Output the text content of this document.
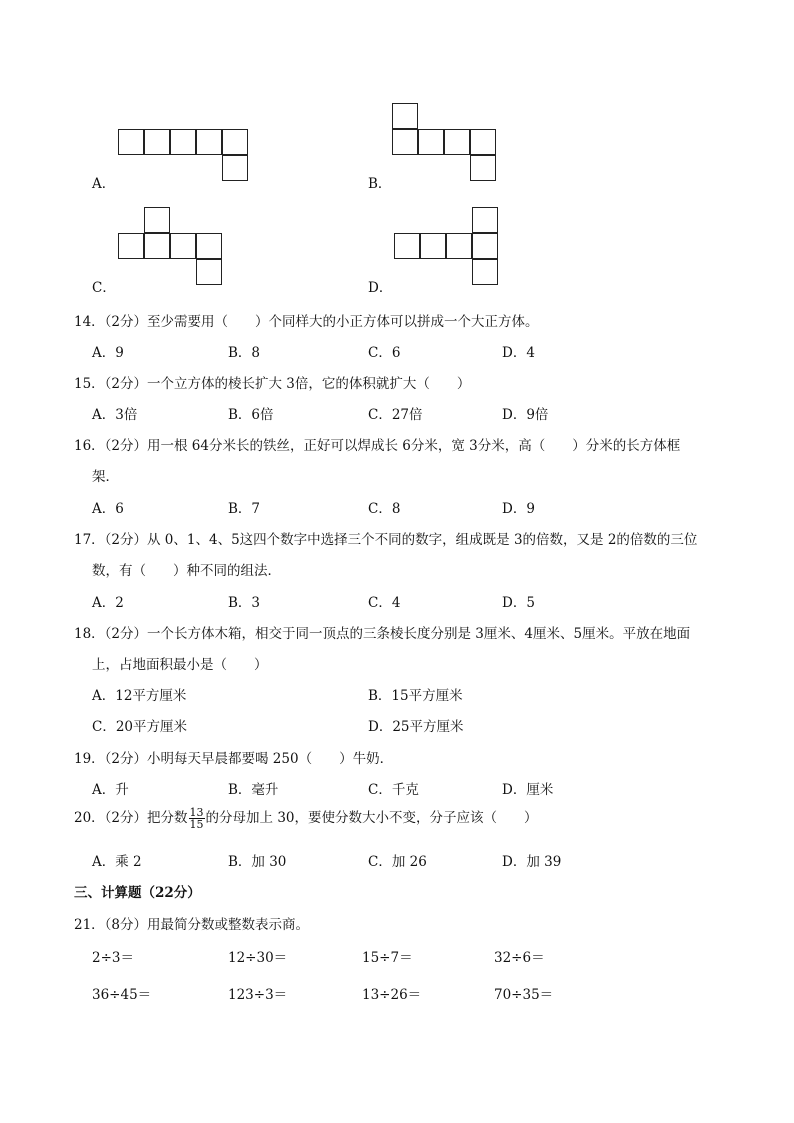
A．	B．
C．	D．
14．（2分）至少需要用（　　）个同样大的小正方体可以拼成一个大正方体。
A．9	B．8	C．6	D．4
15．（2分）一个立方体的棱长扩大 3倍，它的体积就扩大（　　）
A．3倍	B．6倍	C．27倍	D．9倍
16．（2分）用一根 64分米长的铁丝，正好可以焊成长 6分米，宽 3分米，高（　　）分米的长方体框
架．
A．6	B．7	C．8	D．9
17．（2分）从 0、1、4、5这四个数字中选择三个不同的数字，组成既是 3的倍数，又是 2的倍数的三位
数，有（　　）种不同的组法．
A．2	B．3	C．4	D．5
18．（2分）一个长方体木箱，相交于同一顶点的三条棱长度分别是 3厘米、4厘米、5厘米。平放在地面
上，占地面积最小是（　　）
A．12平方厘米	B．15平方厘米
C．20平方厘米	D．25平方厘米
19．（2分）小明每天早晨都要喝 250（　　）牛奶．
A．升	B．毫升	C．千克	D．厘米
20．（2分）把分数 $\frac{13}{15}$ 的分母加上 30，要使分数大小不变，分子应该（　　）
A．乘 2	B．加 30	C．加 26	D．加 39
三、计算题（22分）
21．（8分）用最简分数或整数表示商。
2÷3＝	12÷30＝	15÷7＝	32÷6＝
36÷45＝	123÷3＝	13÷26＝	70÷35＝
